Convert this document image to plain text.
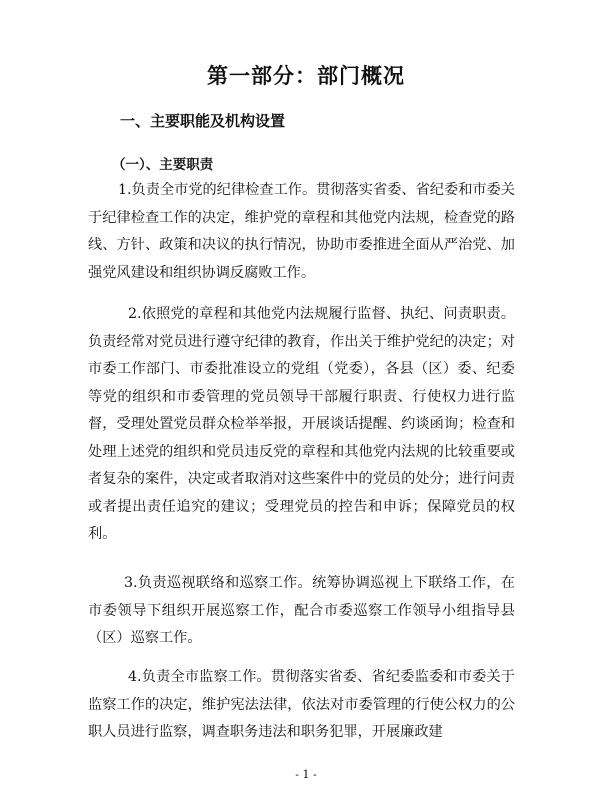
第一部分：部门概况
一、主要职能及机构设置
（一）、主要职责

1.负责全市党的纪律检查工作。贯彻落实省委、省纪委和市委关于纪律检查工作的决定，维护党的章程和其他党内法规，检查党的路线、方针、政策和决议的执行情况，协助市委推进全面从严治党、加强党风建设和组织协调反腐败工作。

2.依照党的章程和其他党内法规履行监督、执纪、问责职责。负责经常对党员进行遵守纪律的教育，作出关于维护党纪的决定；对市委工作部门、市委批准设立的党组（党委），各县（区）委、纪委等党的组织和市委管理的党员领导干部履行职责、行使权力进行监督，受理处置党员群众检举举报，开展谈话提醒、约谈函询；检查和处理上述党的组织和党员违反党的章程和其他党内法规的比较重要或者复杂的案件，决定或者取消对这些案件中的党员的处分；进行问责或者提出责任追究的建议；受理党员的控告和申诉；保障党员的权利。

3.负责巡视联络和巡察工作。统筹协调巡视上下联络工作，在市委领导下组织开展巡察工作，配合市委巡察工作领导小组指导县（区）巡察工作。

4.负责全市监察工作。贯彻落实省委、省纪委监委和市委关于监察工作的决定，维护宪法法律，依法对市委管理的行使公权力的公职人员进行监察，调查职务违法和职务犯罪，开展廉政建

- 1 -
